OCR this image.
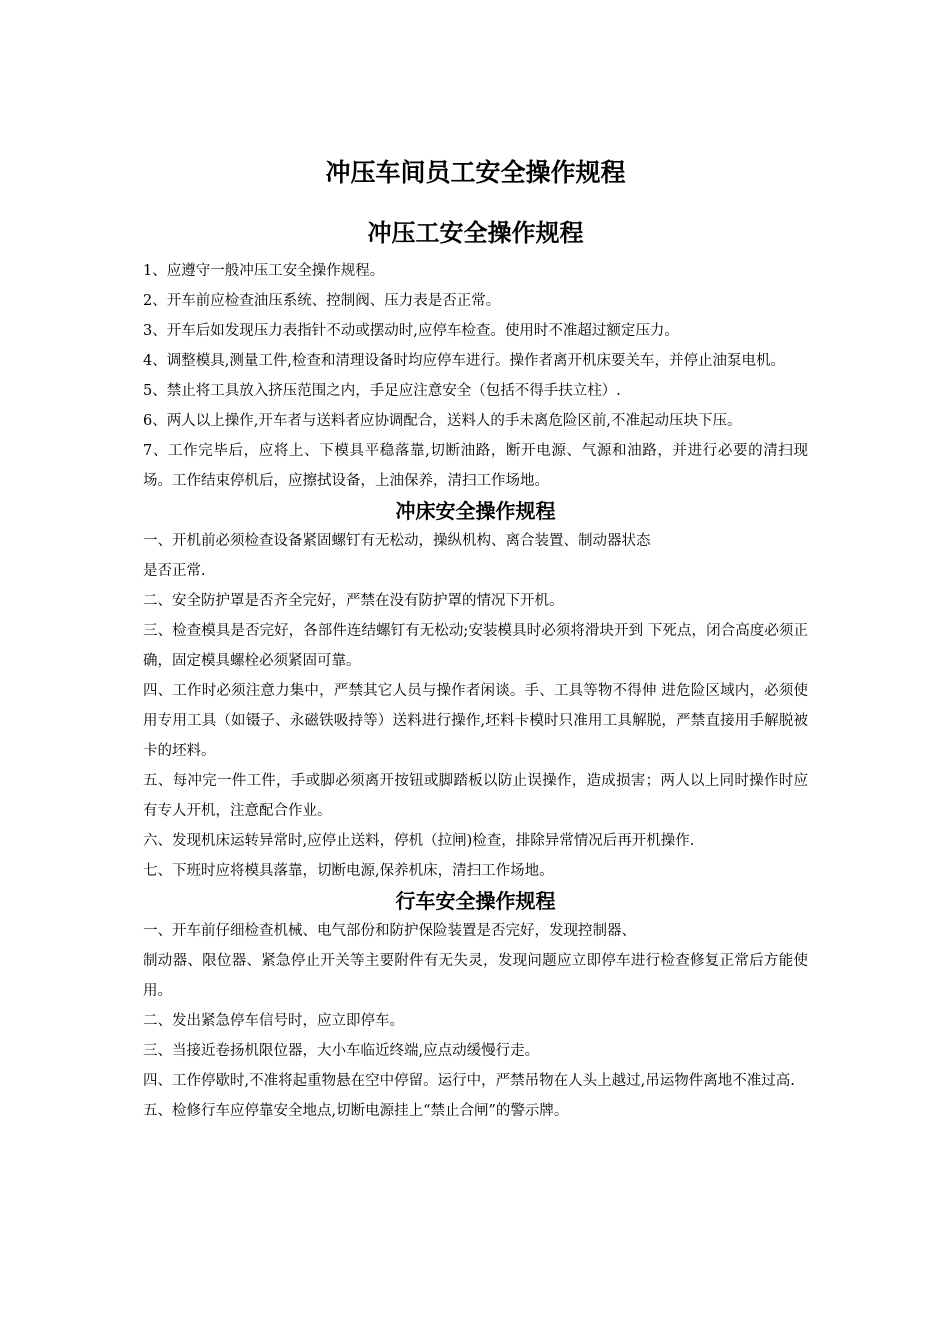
冲压车间员工安全操作规程
冲压工安全操作规程

1、应遵守一般冲压工安全操作规程。

2、开车前应检查油压系统、控制阀、压力表是否正常。

3、开车后如发现压力表指针不动或摆动时,应停车检查。使用时不准超过额定压力。

4、调整模具,测量工件,检查和清理设备时均应停车进行。操作者离开机床要关车，并停止油泵电机。

5、禁止将工具放入挤压范围之内，手足应注意安全（包括不得手扶立柱）.

6、两人以上操作,开车者与送料者应协调配合，送料人的手未离危险区前,不准起动压块下压。

7、工作完毕后，应将上、下模具平稳落靠,切断油路，断开电源、气源和油路，并进行必要的清扫现场。工作结束停机后，应擦拭设备，上油保养，清扫工作场地。

冲床安全操作规程

一、开机前必须检查设备紧固螺钉有无松动，操纵机构、离合装置、制动器状态

是否正常.

二、安全防护罩是否齐全完好，严禁在没有防护罩的情况下开机。

三、检查模具是否完好，各部件连结螺钉有无松动;安装模具时必须将滑块开到 下死点，闭合高度必须正确，固定模具螺栓必须紧固可靠。

四、工作时必须注意力集中，严禁其它人员与操作者闲谈。手、工具等物不得伸 进危险区域内，必须使用专用工具（如镊子、永磁铁吸持等）送料进行操作,坯料卡模时只准用工具解脱，严禁直接用手解脱被卡的坯料。

五、每冲完一件工件，手或脚必须离开按钮或脚踏板以防止误操作，造成损害；两人以上同时操作时应有专人开机，注意配合作业。

六、发现机床运转异常时,应停止送料，停机（拉闸)检查，排除异常情况后再开机操作.

七、下班时应将模具落靠，切断电源,保养机床，清扫工作场地。

行车安全操作规程

一、开车前仔细检查机械、电气部份和防护保险装置是否完好，发现控制器、

制动器、限位器、紧急停止开关等主要附件有无失灵，发现问题应立即停车进行检查修复正常后方能使用。

二、发出紧急停车信号时，应立即停车。

三、当接近卷扬机限位器，大小车临近终端,应点动缓慢行走。

四、工作停歇时,不准将起重物悬在空中停留。运行中，严禁吊物在人头上越过,吊运物件离地不准过高.

五、检修行车应停靠安全地点,切断电源挂上“禁止合闸”的警示牌。
